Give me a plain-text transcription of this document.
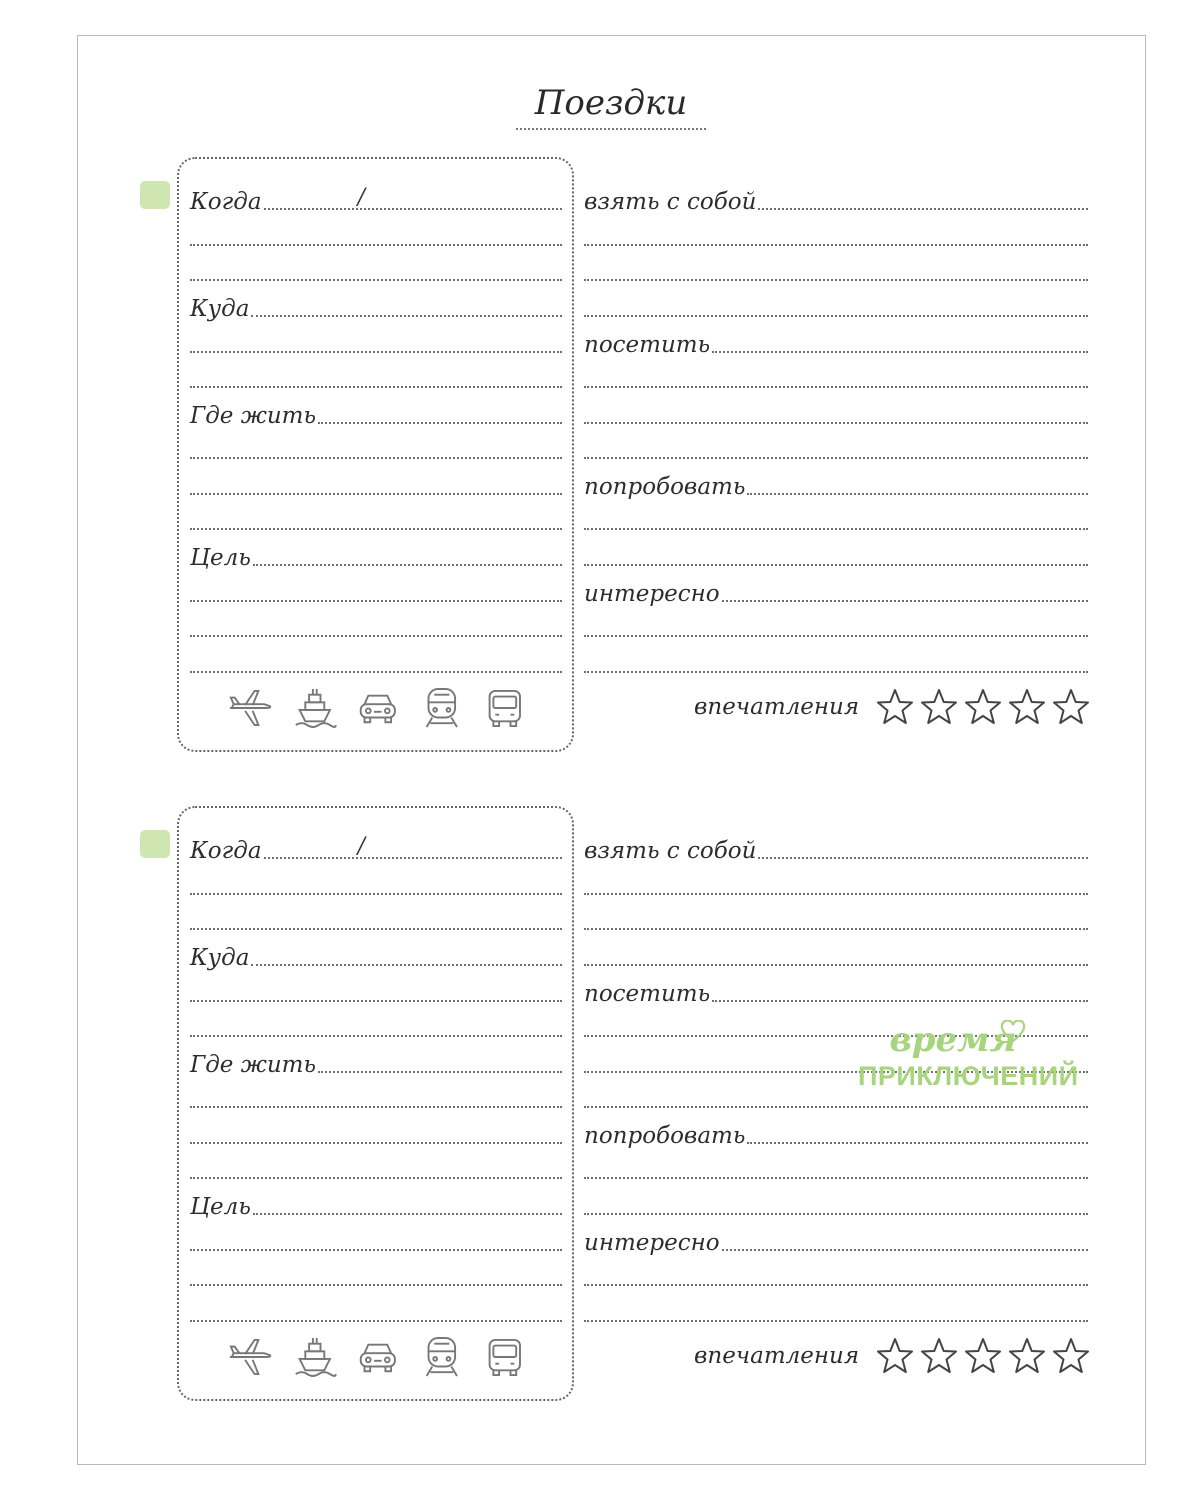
Поездки
Когда	/
Куда
Где жить
Цель
взять с собой
посетить
попробовать
интересно
впечатления
Когда	/
Куда
Где жить
Цель
взять с собой
посетить
попробовать
интересно
впечатления
время
ПРИКЛЮЧЕНИЙ
